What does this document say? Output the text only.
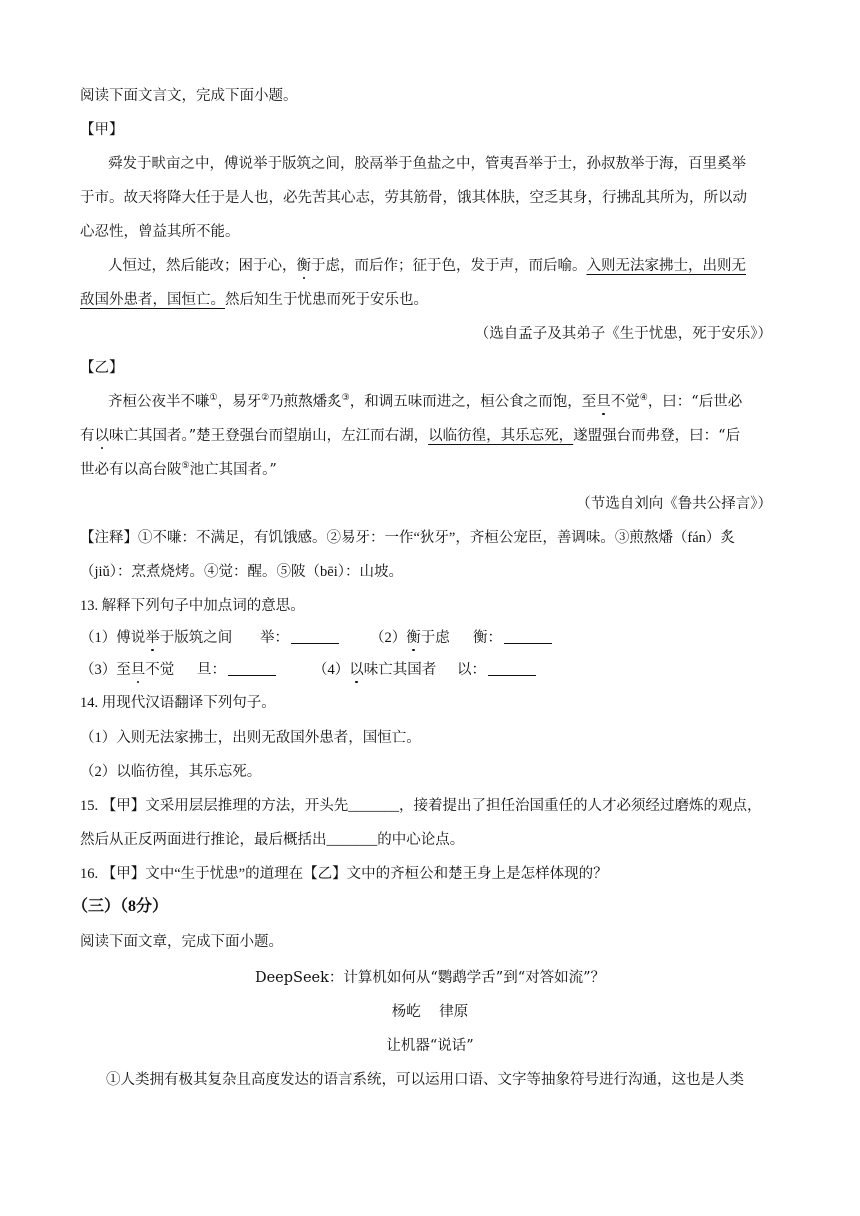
阅读下面文言文，完成下面小题。
【甲】
舜发于畎亩之中，傅说举于版筑之间，胶鬲举于鱼盐之中，管夷吾举于士，孙叔敖举于海，百里奚举
于市。故天将降大任于是人也，必先苦其心志，劳其筋骨，饿其体肤，空乏其身，行拂乱其所为，所以动
心忍性，曾益其所不能。
人恒过，然后能改；困于心，衡于虑，而后作；征于色，发于声，而后喻。入则无法家拂士，出则无
敌国外患者，国恒亡。然后知生于忧患而死于安乐也。
（选自孟子及其弟子《生于忧患，死于安乐》）
【乙】
齐桓公夜半不嗛①，易牙②乃煎熬燔炙③，和调五味而进之，桓公食之而饱，至旦不觉④，曰：“后世必
有以味亡其国者。”楚王登强台而望崩山，左江而右湖，以临彷徨，其乐忘死，遂盟强台而弗登，曰：“后
世必有以高台陂⑤池亡其国者。”
（节选自刘向《鲁共公择言》）
【注释】①不嗛：不满足，有饥饿感。②易牙：一作“狄牙”，齐桓公宠臣，善调味。③煎熬燔（fán）炙
（jiǔ）：烹煮烧烤。④觉：醒。⑤陂（bēi）：山坡。
13. 解释下列句子中加点词的意思。
（1）傅说举于版筑之间 举：	（2）衡于虑 衡：
（3）至旦不觉 旦：	（4）以味亡其国者 以：
14. 用现代汉语翻译下列句子。
（1）入则无法家拂士，出则无敌国外患者，国恒亡。
（2）以临彷徨，其乐忘死。
15. 【甲】文采用层层推理的方法，开头先_______，接着提出了担任治国重任的人才必须经过磨炼的观点，
然后从正反两面进行推论，最后概括出_______的中心论点。
16. 【甲】文中“生于忧患”的道理在【乙】文中的齐桓公和楚王身上是怎样体现的？
（三）（8分）
阅读下面文章，完成下面小题。
DeepSeek：计算机如何从“鹦鹉学舌”到“对答如流”？
杨屹    律原
让机器“说话”
①人类拥有极其复杂且高度发达的语言系统，可以运用口语、文字等抽象符号进行沟通，这也是人类
